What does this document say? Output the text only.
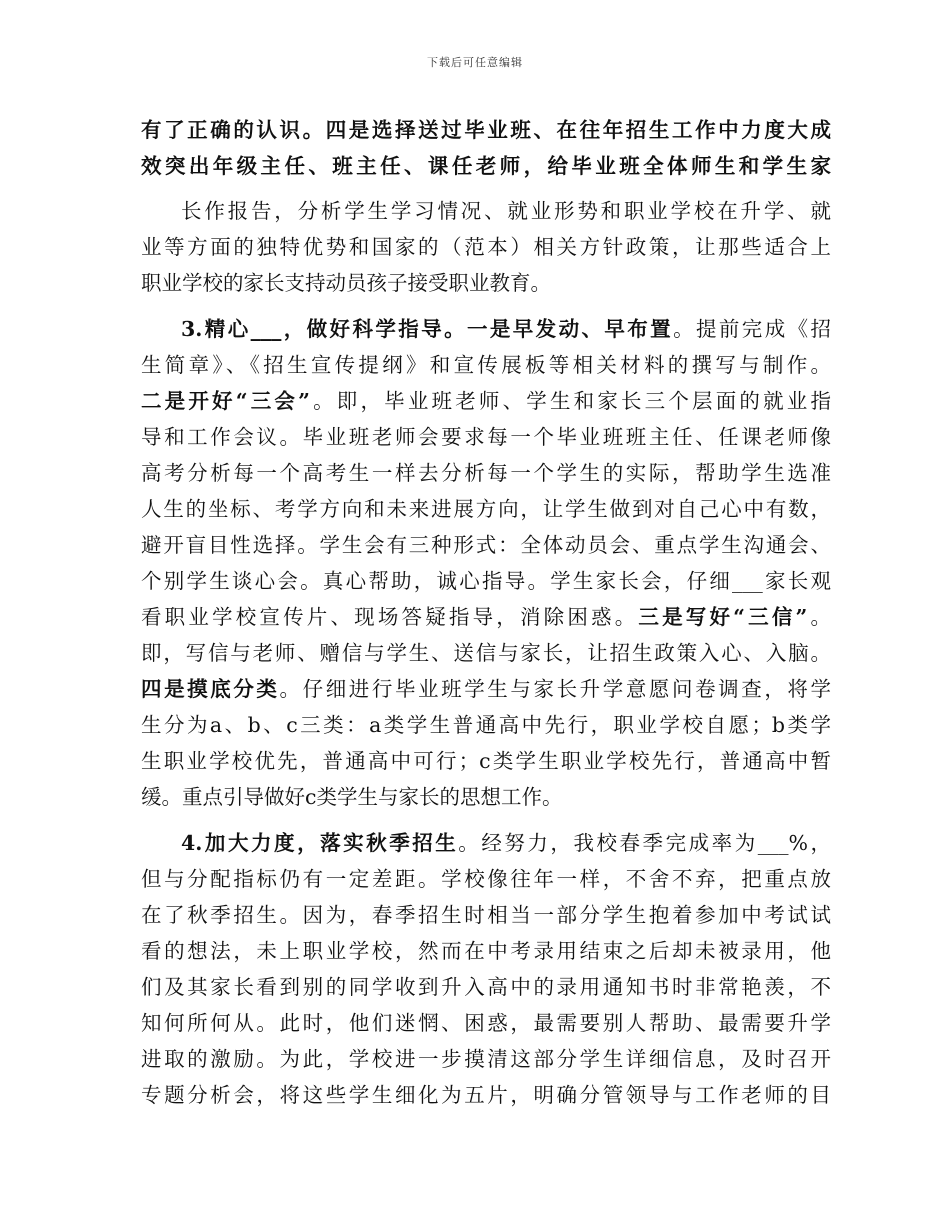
下载后可任意编辑
有了正确的认识。四是选择送过毕业班、在往年招生工作中力度大成
效突出年级主任、班主任、课任老师，给毕业班全体师生和学生家
长作报告，分析学生学习情况、就业形势和职业学校在升学、就
业等方面的独特优势和国家的（范本）相关方针政策，让那些适合上
职业学校的家长支持动员孩子接受职业教育。
3.精心___，做好科学指导。一是早发动、早布置。提前完成《招
生简章》、《招生宣传提纲》和宣传展板等相关材料的撰写与制作。
二是开好“三会”。即，毕业班老师、学生和家长三个层面的就业指
导和工作会议。毕业班老师会要求每一个毕业班班主任、任课老师像
高考分析每一个高考生一样去分析每一个学生的实际，帮助学生选准
人生的坐标、考学方向和未来进展方向，让学生做到对自己心中有数，
避开盲目性选择。学生会有三种形式：全体动员会、重点学生沟通会、
个别学生谈心会。真心帮助，诚心指导。学生家长会，仔细___家长观
看职业学校宣传片、现场答疑指导，消除困惑。三是写好“三信”。
即，写信与老师、赠信与学生、送信与家长，让招生政策入心、入脑。
四是摸底分类。仔细进行毕业班学生与家长升学意愿问卷调查，将学
生分为a、b、c三类：a类学生普通高中先行，职业学校自愿；b类学
生职业学校优先，普通高中可行；c类学生职业学校先行，普通高中暂
缓。重点引导做好c类学生与家长的思想工作。
4.加大力度，落实秋季招生。经努力，我校春季完成率为___%，
但与分配指标仍有一定差距。学校像往年一样，不舍不弃，把重点放
在了秋季招生。因为，春季招生时相当一部分学生抱着参加中考试试
看的想法，未上职业学校，然而在中考录用结束之后却未被录用，他
们及其家长看到别的同学收到升入高中的录用通知书时非常艳羡，不
知何所何从。此时，他们迷惘、困惑，最需要别人帮助、最需要升学
进取的激励。为此，学校进一步摸清这部分学生详细信息，及时召开
专题分析会，将这些学生细化为五片，明确分管领导与工作老师的目
